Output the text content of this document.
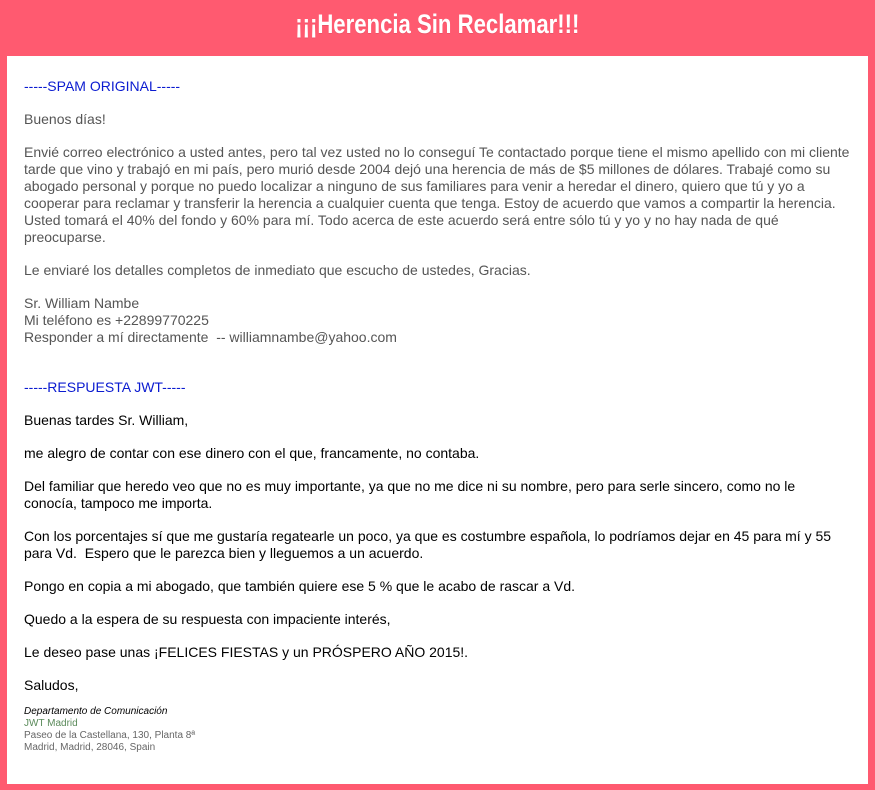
¡¡¡Herencia Sin Reclamar!!!

-----SPAM ORIGINAL-----

Buenos días!

Envié correo electrónico a usted antes, pero tal vez usted no lo conseguí Te contactado porque tiene el mismo apellido con mi cliente tarde que vino y trabajó en mi país, pero murió desde 2004 dejó una herencia de más de $5 millones de dólares. Trabajé como su abogado personal y porque no puedo localizar a ninguno de sus familiares para venir a heredar el dinero, quiero que tú y yo a cooperar para reclamar y transferir la herencia a cualquier cuenta que tenga. Estoy de acuerdo que vamos a compartir la herencia. Usted tomará el 40% del fondo y 60% para mí. Todo acerca de este acuerdo será entre sólo tú y yo y no hay nada de qué preocuparse.

Le enviaré los detalles completos de inmediato que escucho de ustedes, Gracias.

Sr. William Nambe

Mi teléfono es +22899770225

Responder a mí directamente  -- williamnambe@yahoo.com

-----RESPUESTA JWT-----

Buenas tardes Sr. William,

me alegro de contar con ese dinero con el que, francamente, no contaba.

Del familiar que heredo veo que no es muy importante, ya que no me dice ni su nombre, pero para serle sincero, como no le conocía, tampoco me importa.

Con los porcentajes sí que me gustaría regatearle un poco, ya que es costumbre española, lo podríamos dejar en 45 para mí y 55 para Vd.  Espero que le parezca bien y lleguemos a un acuerdo.

Pongo en copia a mi abogado, que también quiere ese 5 % que le acabo de rascar a Vd.

Quedo a la espera de su respuesta con impaciente interés,

Le deseo pase unas ¡FELICES FIESTAS y un PRÓSPERO AÑO 2015!.

Saludos,

Departamento de Comunicación

JWT Madrid

Paseo de la Castellana, 130, Planta 8ª

Madrid, Madrid, 28046, Spain
